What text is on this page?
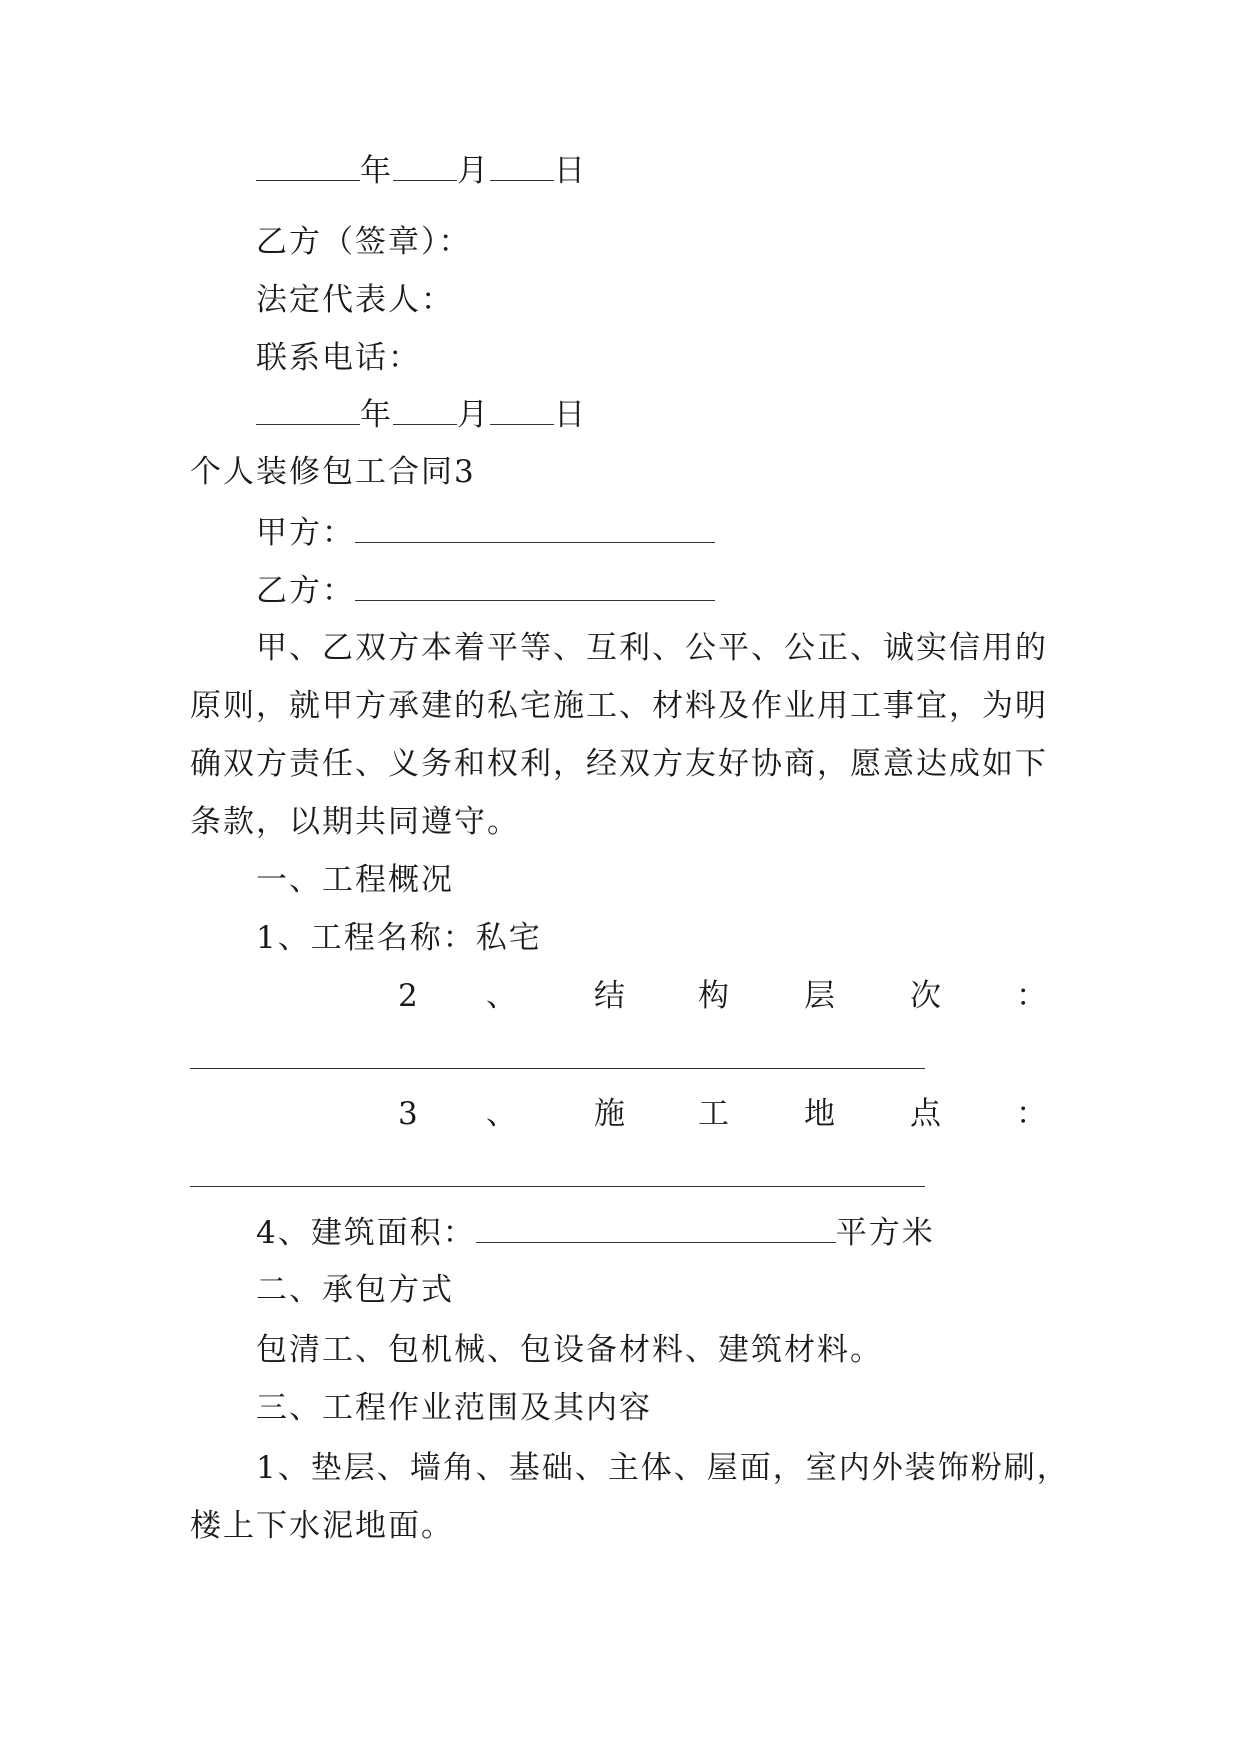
年 月 日
乙方（签章）：
法定代表人：
联系电话：
年 月 日
个人装修包工合同3
甲方：
乙方：
甲、乙双方本着平等、互利、公平、公正、诚实信用的
原则，就甲方承建的私宅施工、材料及作业用工事宜，为明
确双方责任、义务和权利，经双方友好协商，愿意达成如下
条款，以期共同遵守。
一、工程概况
1、工程名称：私宅
2 、 结 构 层 次 ：
3 、 施 工 地 点 ：
4、建筑面积：	平方米
二、承包方式
包清工、包机械、包设备材料、建筑材料。
三、工程作业范围及其内容
1、垫层、墙角、基础、主体、屋面，室内外装饰粉刷，
楼上下水泥地面。
